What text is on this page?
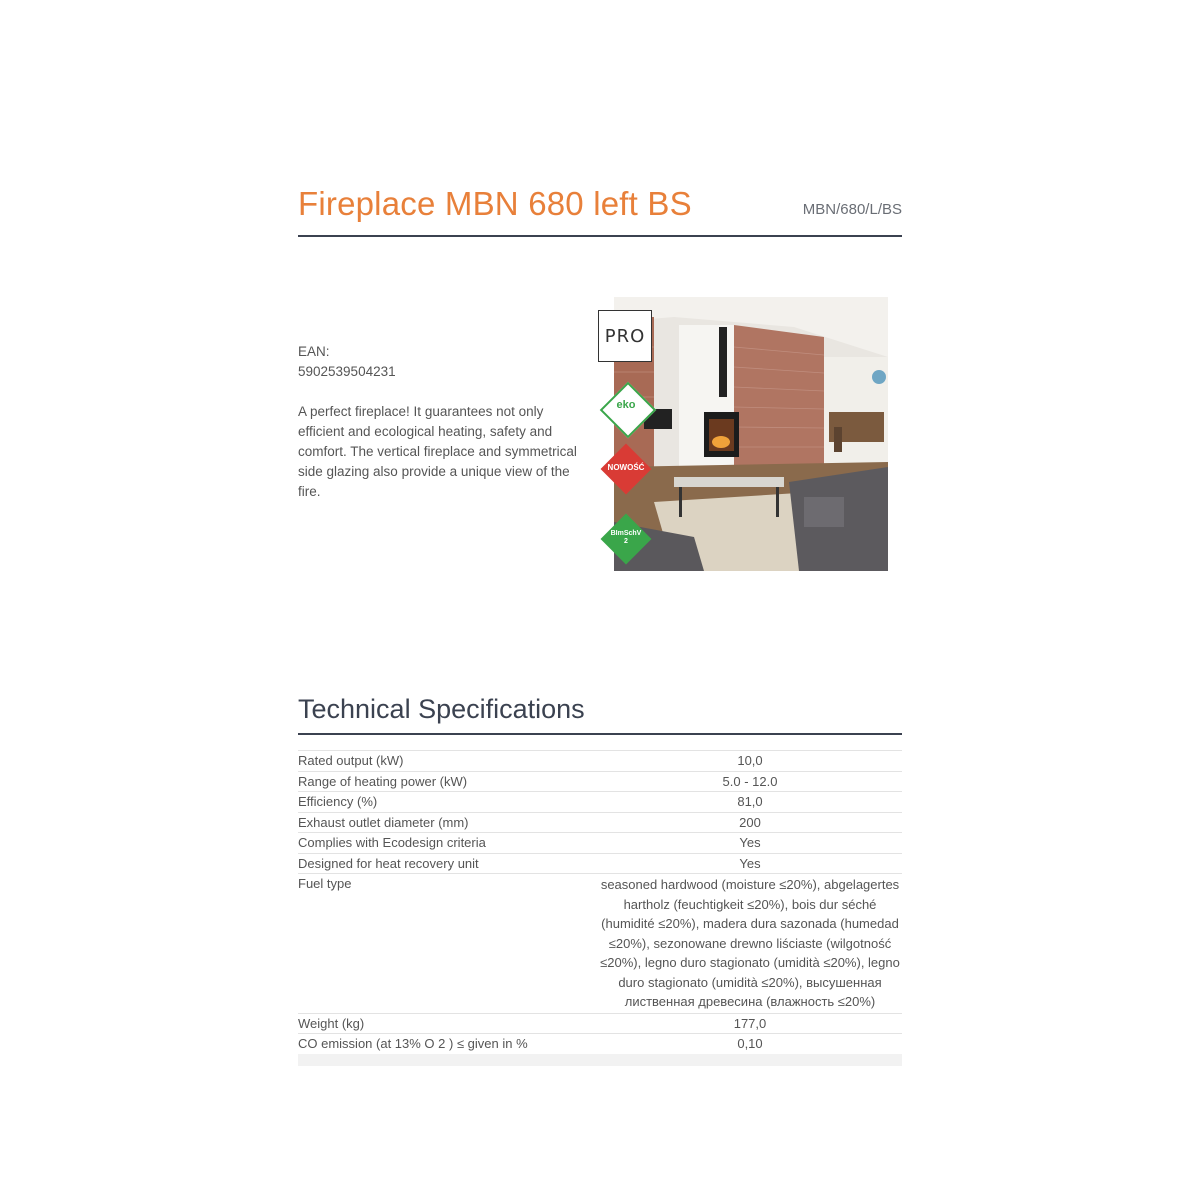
Fireplace MBN 680 left BS	MBN/680/L/BS

EAN:

5902539504231

A perfect fireplace! It guarantees not only efficient and ecological heating, safety and comfort. The vertical fireplace and symmetrical side glazing also provide a unique view of the fire.

PRO
eko
NOWOŚĆ
BImSchV 2
Technical Specifications
Rated output (kW)	10,0
Range of heating power (kW)	5.0 - 12.0
Efficiency (%)	81,0
Exhaust outlet diameter (mm)	200
Complies with Ecodesign criteria	Yes
Designed for heat recovery unit	Yes
Fuel type	seasoned hardwood (moisture ≤20%), abgelagertes hartholz (feuchtigkeit ≤20%), bois dur séché (humidité ≤20%), madera dura sazonada (humedad ≤20%), sezonowane drewno liściaste (wilgotność ≤20%), legno duro stagionato (umidità ≤20%), legno duro stagionato (umidità ≤20%), высушенная лиственная древесина (влажность ≤20%)
Weight (kg)	177,0
CO emission (at 13% O 2 ) ≤ given in %	0,10
